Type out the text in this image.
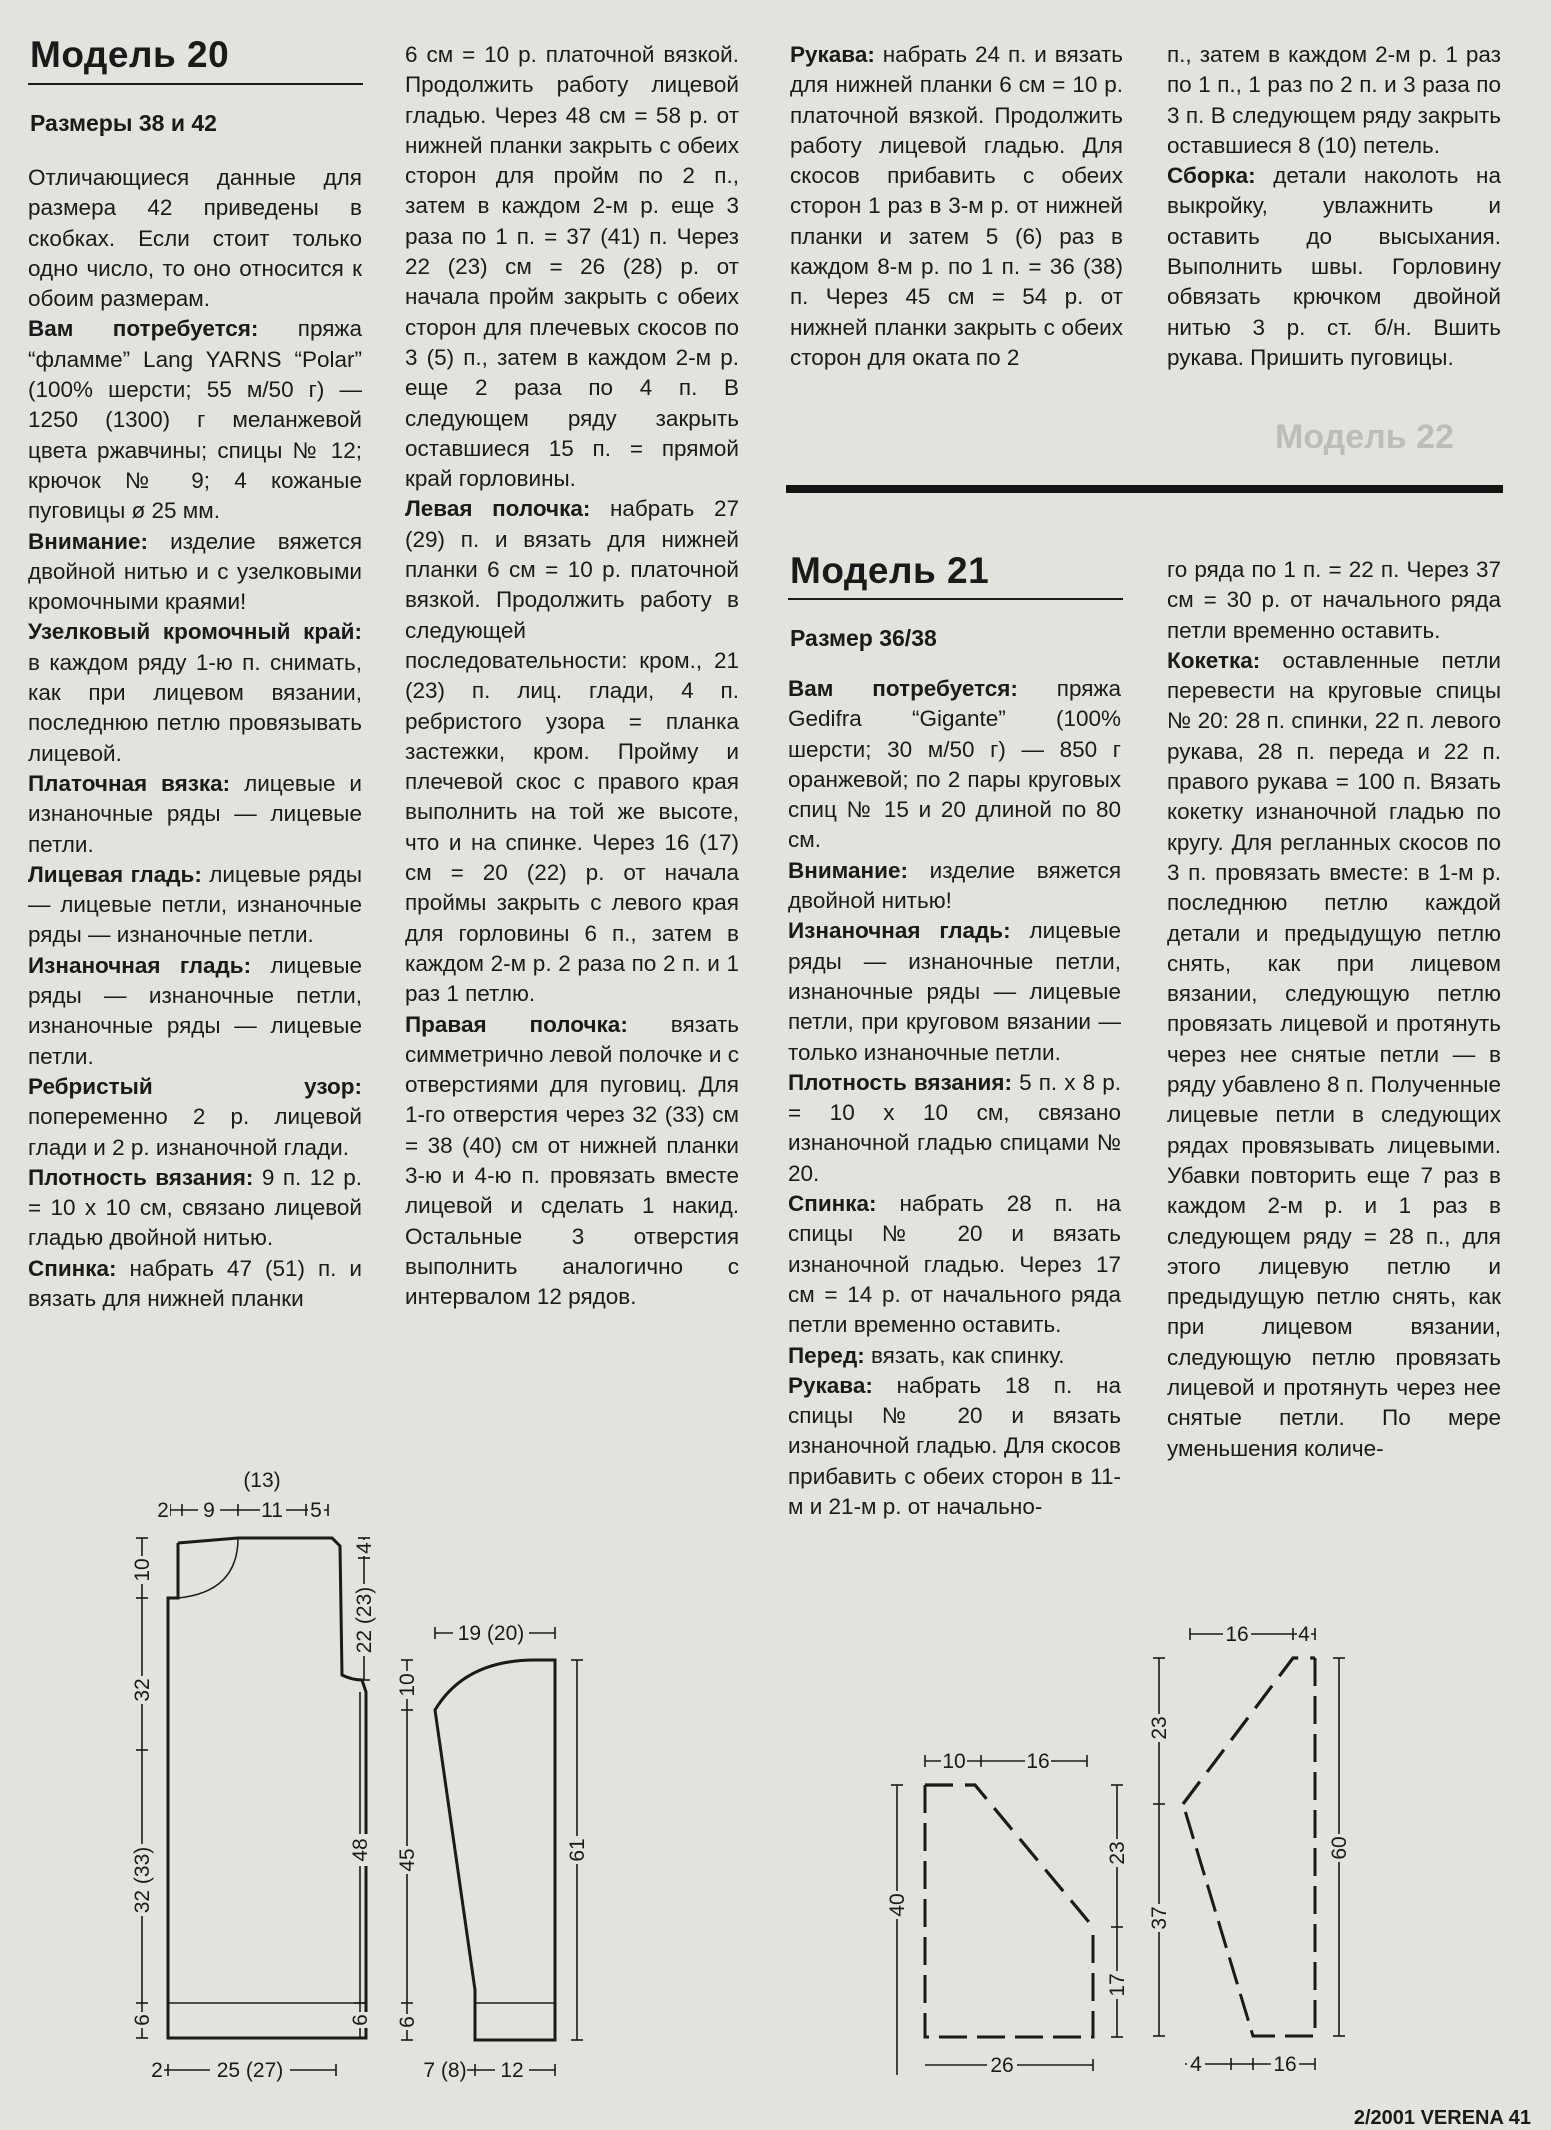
Модель 20
Размеры 38 и 42

Отличающиеся данные для размера 42 приведены в скобках. Если стоит только одно число, то оно относится к обоим размерам.

Вам потребуется: пряжа “фламме” Lang YARNS “Polar” (100% шерсти; 55 м/50 г) — 1250 (1300) г меланжевой цвета ржавчины; спицы № 12; крючок № 9; 4 кожаные пуговицы ø 25 мм.

Внимание: изделие вяжется двойной нитью и с узелковыми кромочными краями!

Узелковый кромочный край: в каждом ряду 1-ю п. снимать, как при лицевом вязании, последнюю петлю провязывать лицевой.

Платочная вязка: лицевые и изнаночные ряды — лицевые петли.

Лицевая гладь: лицевые ряды — лицевые петли, изнаночные ряды — изнаночные петли.

Изнаночная гладь: лицевые ряды — изнаночные петли, изнаночные ряды — лицевые петли.

Ребристый узор: попеременно 2 р. лицевой глади и 2 р. изнаночной глади.

Плотность вязания: 9 п. 12 р. = 10 х 10 см, связано лицевой гладью двойной нитью.

Спинка: набрать 47 (51) п. и вязать для нижней планки

6 см = 10 р. платочной вязкой. Продолжить работу лицевой гладью. Через 48 см = 58 р. от нижней планки закрыть с обеих сторон для пройм по 2 п., затем в каждом 2-м р. еще 3 раза по 1 п. = 37 (41) п. Через 22 (23) см = 26 (28) р. от начала пройм закрыть с обеих сторон для плечевых скосов по 3 (5) п., затем в каждом 2-м р. еще 2 раза по 4 п. В следующем ряду закрыть оставшиеся 15 п. = прямой край горловины.

Левая полочка: набрать 27 (29) п. и вязать для нижней планки 6 см = 10 р. платочной вязкой. Продолжить работу в следующей последовательности: кром., 21 (23) п. лиц. глади, 4 п. ребристого узора = планка застежки, кром. Пройму и плечевой скос с правого края выполнить на той же высоте, что и на спинке. Через 16 (17) см = 20 (22) р. от начала проймы закрыть с левого края для горловины 6 п., затем в каждом 2-м р. 2 раза по 2 п. и 1 раз 1 петлю.

Правая полочка: вязать симметрично левой полочке и с отверстиями для пуговиц. Для 1-го отверстия через 32 (33) см = 38 (40) см от нижней планки 3-ю и 4-ю п. провязать вместе лицевой и сделать 1 накид. Остальные 3 отверстия выполнить аналогично с интервалом 12 рядов.

Рукава: набрать 24 п. и вязать для нижней планки 6 см = 10 р. платочной вязкой. Продолжить работу лицевой гладью. Для скосов прибавить с обеих сторон 1 раз в 3-м р. от нижней планки и затем 5 (6) раз в каждом 8-м р. по 1 п. = 36 (38) п. Через 45 см = 54 р. от нижней планки закрыть с обеих сторон для оката по 2

п., затем в каждом 2-м р. 1 раз по 1 п., 1 раз по 2 п. и 3 раза по 3 п. В следующем ряду закрыть оставшиеся 8 (10) петель.

Сборка: детали наколоть на выкройку, увлажнить и оставить до высыхания. Выполнить швы. Горловину обвязать крючком двойной нитью 3 р. ст. б/н. Вшить рукава. Пришить пуговицы.

Модель 22
Модель 21
Размер 36/38

Вам потребуется: пряжа Gedifra “Gigante” (100% шерсти; 30 м/50 г) — 850 г оранжевой; по 2 пары круговых спиц № 15 и 20 длиной по 80 см.

Внимание: изделие вяжется двойной нитью!

Изнаночная гладь: лицевые ряды — изнаночные петли, изнаночные ряды — лицевые петли, при круговом вязании — только изнаночные петли.

Плотность вязания: 5 п. х 8 р. = 10 х 10 см, связано изнаночной гладью спицами № 20.

Спинка: набрать 28 п. на спицы № 20 и вязать изнаночной гладью. Через 17 см = 14 р. от начального ряда петли временно оставить.

Перед: вязать, как спинку.

Рукава: набрать 18 п. на спицы № 20 и вязать изнаночной гладью. Для скосов прибавить с обеих сторон в 11-м и 21-м р. от начально-

го ряда по 1 п. = 22 п. Через 37 см = 30 р. от начального ряда петли временно оставить.

Кокетка: оставленные петли перевести на круговые спицы № 20: 28 п. спинки, 22 п. левого рукава, 28 п. переда и 22 п. правого рукава = 100 п. Вязать кокетку изнаночной гладью по кругу. Для регланных скосов по 3 п. провязать вместе: в 1-м р. последнюю петлю каждой детали и предыдущую петлю снять, как при лицевом вязании, следующую петлю провязать лицевой и протянуть через нее снятые петли — в ряду убавлено 8 п. Полученные лицевые петли в следующих рядах провязывать лицевыми. Убавки повторить еще 7 раз в каждом 2-м р. и 1 раз в следующем ряду = 28 п., для этого лицевую петлю и предыдущую петлю снять, как при лицевом вязании, следующую петлю провязать лицевой и протянуть через нее снятые петли. По мере уменьшения количе-

(13)
2 9 11 5
10
32
32 (33)
6
4
22 (23)
48
6
2	25 (27)
19 (20)
10
45
6
61
7 (8) 12
10	16
40
23
17
26
16 4
23
37
60
4	16
2/2001 VERENA 41
